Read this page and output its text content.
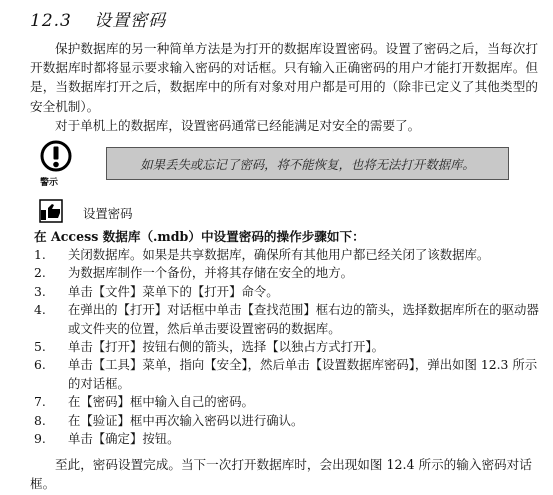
12.3 设置密码
保护数据库的另一种简单方法是为打开的数据库设置密码。设置了密码之后，当每次打开数据库时都将显示要求输入密码的对话框。只有输入正确密码的用户才能打开数据库。但是，当数据库打开之后，数据库中的所有对象对用户都是可用的（除非已定义了其他类型的安全机制）。
对于单机上的数据库，设置密码通常已经能满足对安全的需要了。
警示
如果丢失或忘记了密码，将不能恢复，也将无法打开数据库。
设置密码
在 Access 数据库（.mdb）中设置密码的操作步骤如下：
1.	关闭数据库。如果是共享数据库，确保所有其他用户都已经关闭了该数据库。
2.	为数据库制作一个备份，并将其存储在安全的地方。
3.	单击【文件】菜单下的【打开】命令。
4.	在弹出的【打开】对话框中单击【查找范围】框右边的箭头，选择数据库所在的驱动器或文件夹的位置，然后单击要设置密码的数据库。
5.	单击【打开】按钮右侧的箭头，选择【以独占方式打开】。
6.	单击【工具】菜单，指向【安全】，然后单击【设置数据库密码】，弹出如图 12.3 所示的对话框。
7.	在【密码】框中输入自己的密码。
8.	在【验证】框中再次输入密码以进行确认。
9.	单击【确定】按钮。
至此，密码设置完成。当下一次打开数据库时，会出现如图 12.4 所示的输入密码对话框。
